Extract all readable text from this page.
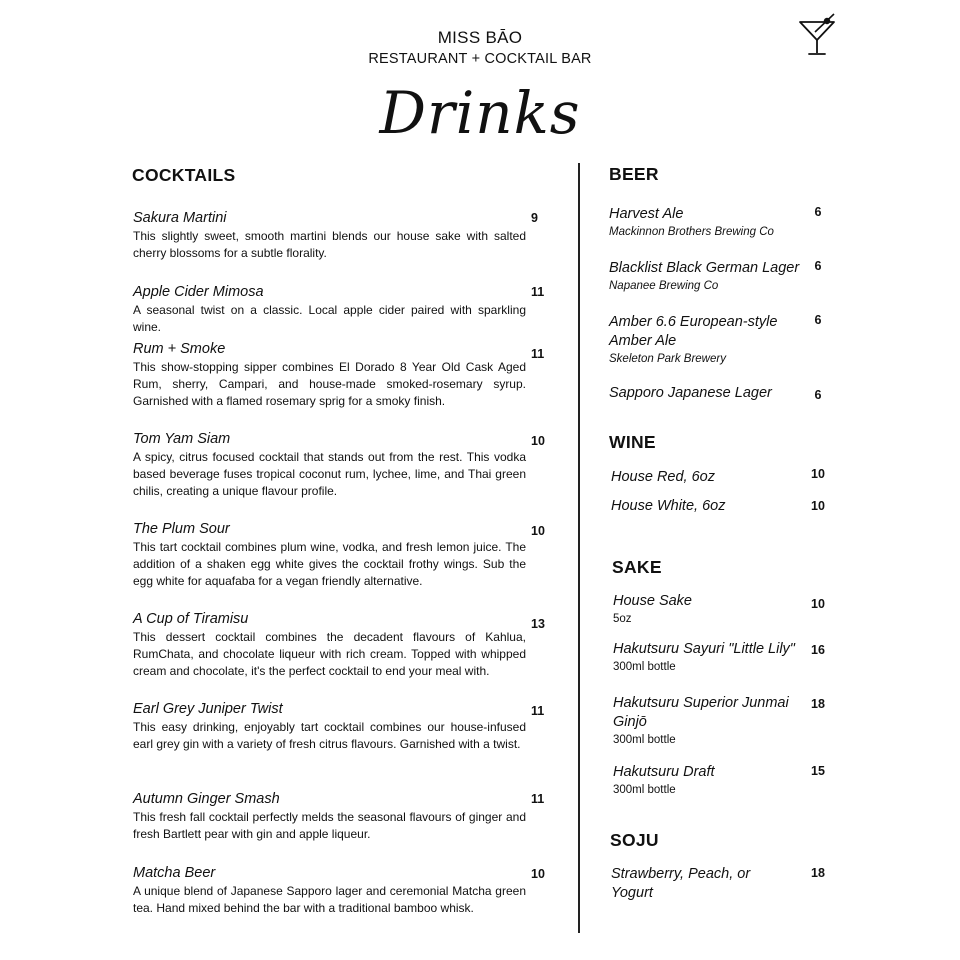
MISS BĀO
RESTAURANT + COCKTAIL BAR
Drinks
COCKTAILS
Sakura Martini
This slightly sweet, smooth martini blends our house sake with salted cherry blossoms for a subtle florality.
9
Apple Cider Mimosa
A seasonal twist on a classic. Local apple cider paired with sparkling wine.
11
Rum + Smoke
This show-stopping sipper combines El Dorado 8 Year Old Cask Aged Rum, sherry, Campari, and house-made smoked-rosemary syrup. Garnished with a flamed rosemary sprig for a smoky finish.
11
Tom Yam Siam
A spicy, citrus focused cocktail that stands out from the rest. This vodka based beverage fuses tropical coconut rum, lychee, lime, and Thai green chilis, creating a unique flavour profile.
10
The Plum Sour
This tart cocktail combines plum wine, vodka, and fresh lemon juice. The addition of a shaken egg white gives the cocktail frothy wings. Sub the egg white for aquafaba for a vegan friendly alternative.
10
A Cup of Tiramisu
This dessert cocktail combines the decadent flavours of Kahlua, RumChata, and chocolate liqueur with rich cream. Topped with whipped cream and chocolate, it's the perfect cocktail to end your meal with.
13
Earl Grey Juniper Twist
This easy drinking, enjoyably tart cocktail combines our house-infused earl grey gin with a variety of fresh citrus flavours. Garnished with a twist.
11
Autumn Ginger Smash
This fresh fall cocktail perfectly melds the seasonal flavours of ginger and fresh Bartlett pear with gin and apple liqueur.
11
Matcha Beer
A unique blend of Japanese Sapporo lager and ceremonial Matcha green tea. Hand mixed behind the bar with a traditional bamboo whisk.
10
BEER
Harvest Ale
Mackinnon Brothers Brewing Co
6
Blacklist Black German Lager
Napanee Brewing Co
6
Amber 6.6 European-style Amber Ale
Skeleton Park Brewery
6
Sapporo Japanese Lager	6
WINE
House Red, 6oz	10
House White, 6oz	10
SAKE
House Sake
5oz
10
Hakutsuru Sayuri "Little Lily"
300ml bottle
16
Hakutsuru Superior Junmai Ginjō
300ml bottle
18
Hakutsuru Draft
300ml bottle
15
SOJU
Strawberry, Peach, or Yogurt
18
